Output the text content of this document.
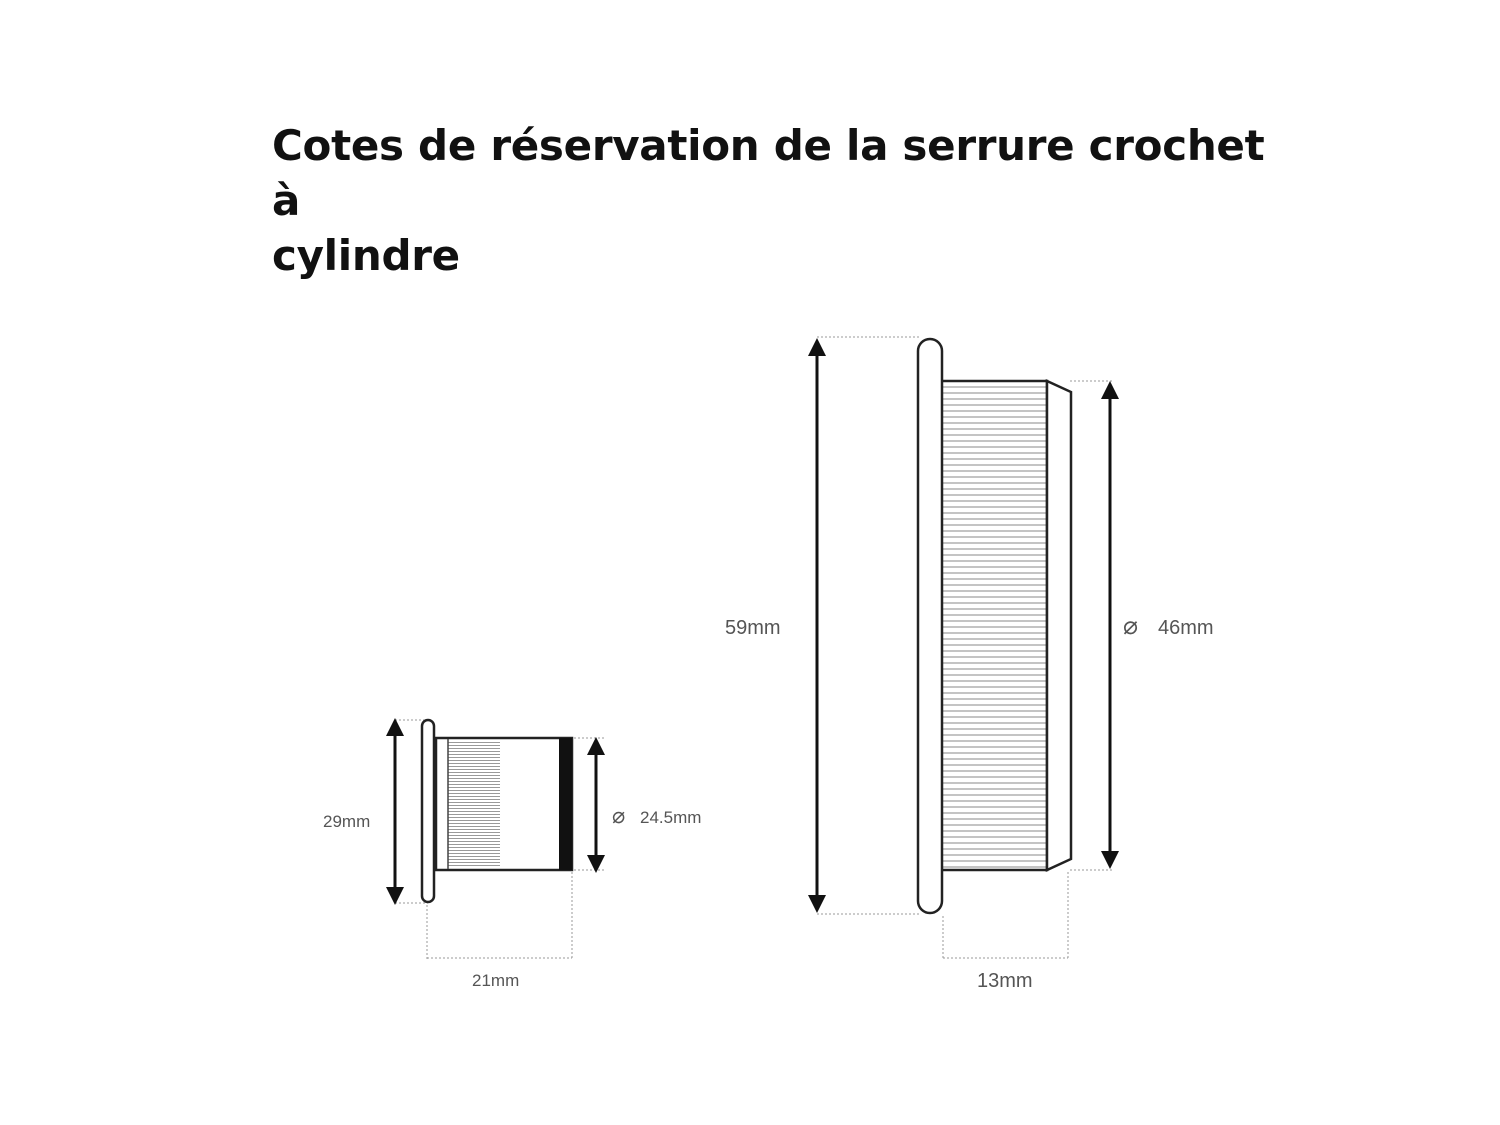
Cotes de réservation de la serrure crochet à
cylindre
29mm	⌀ 24.5mm
21mm
59mm	⌀ 46mm
13mm
